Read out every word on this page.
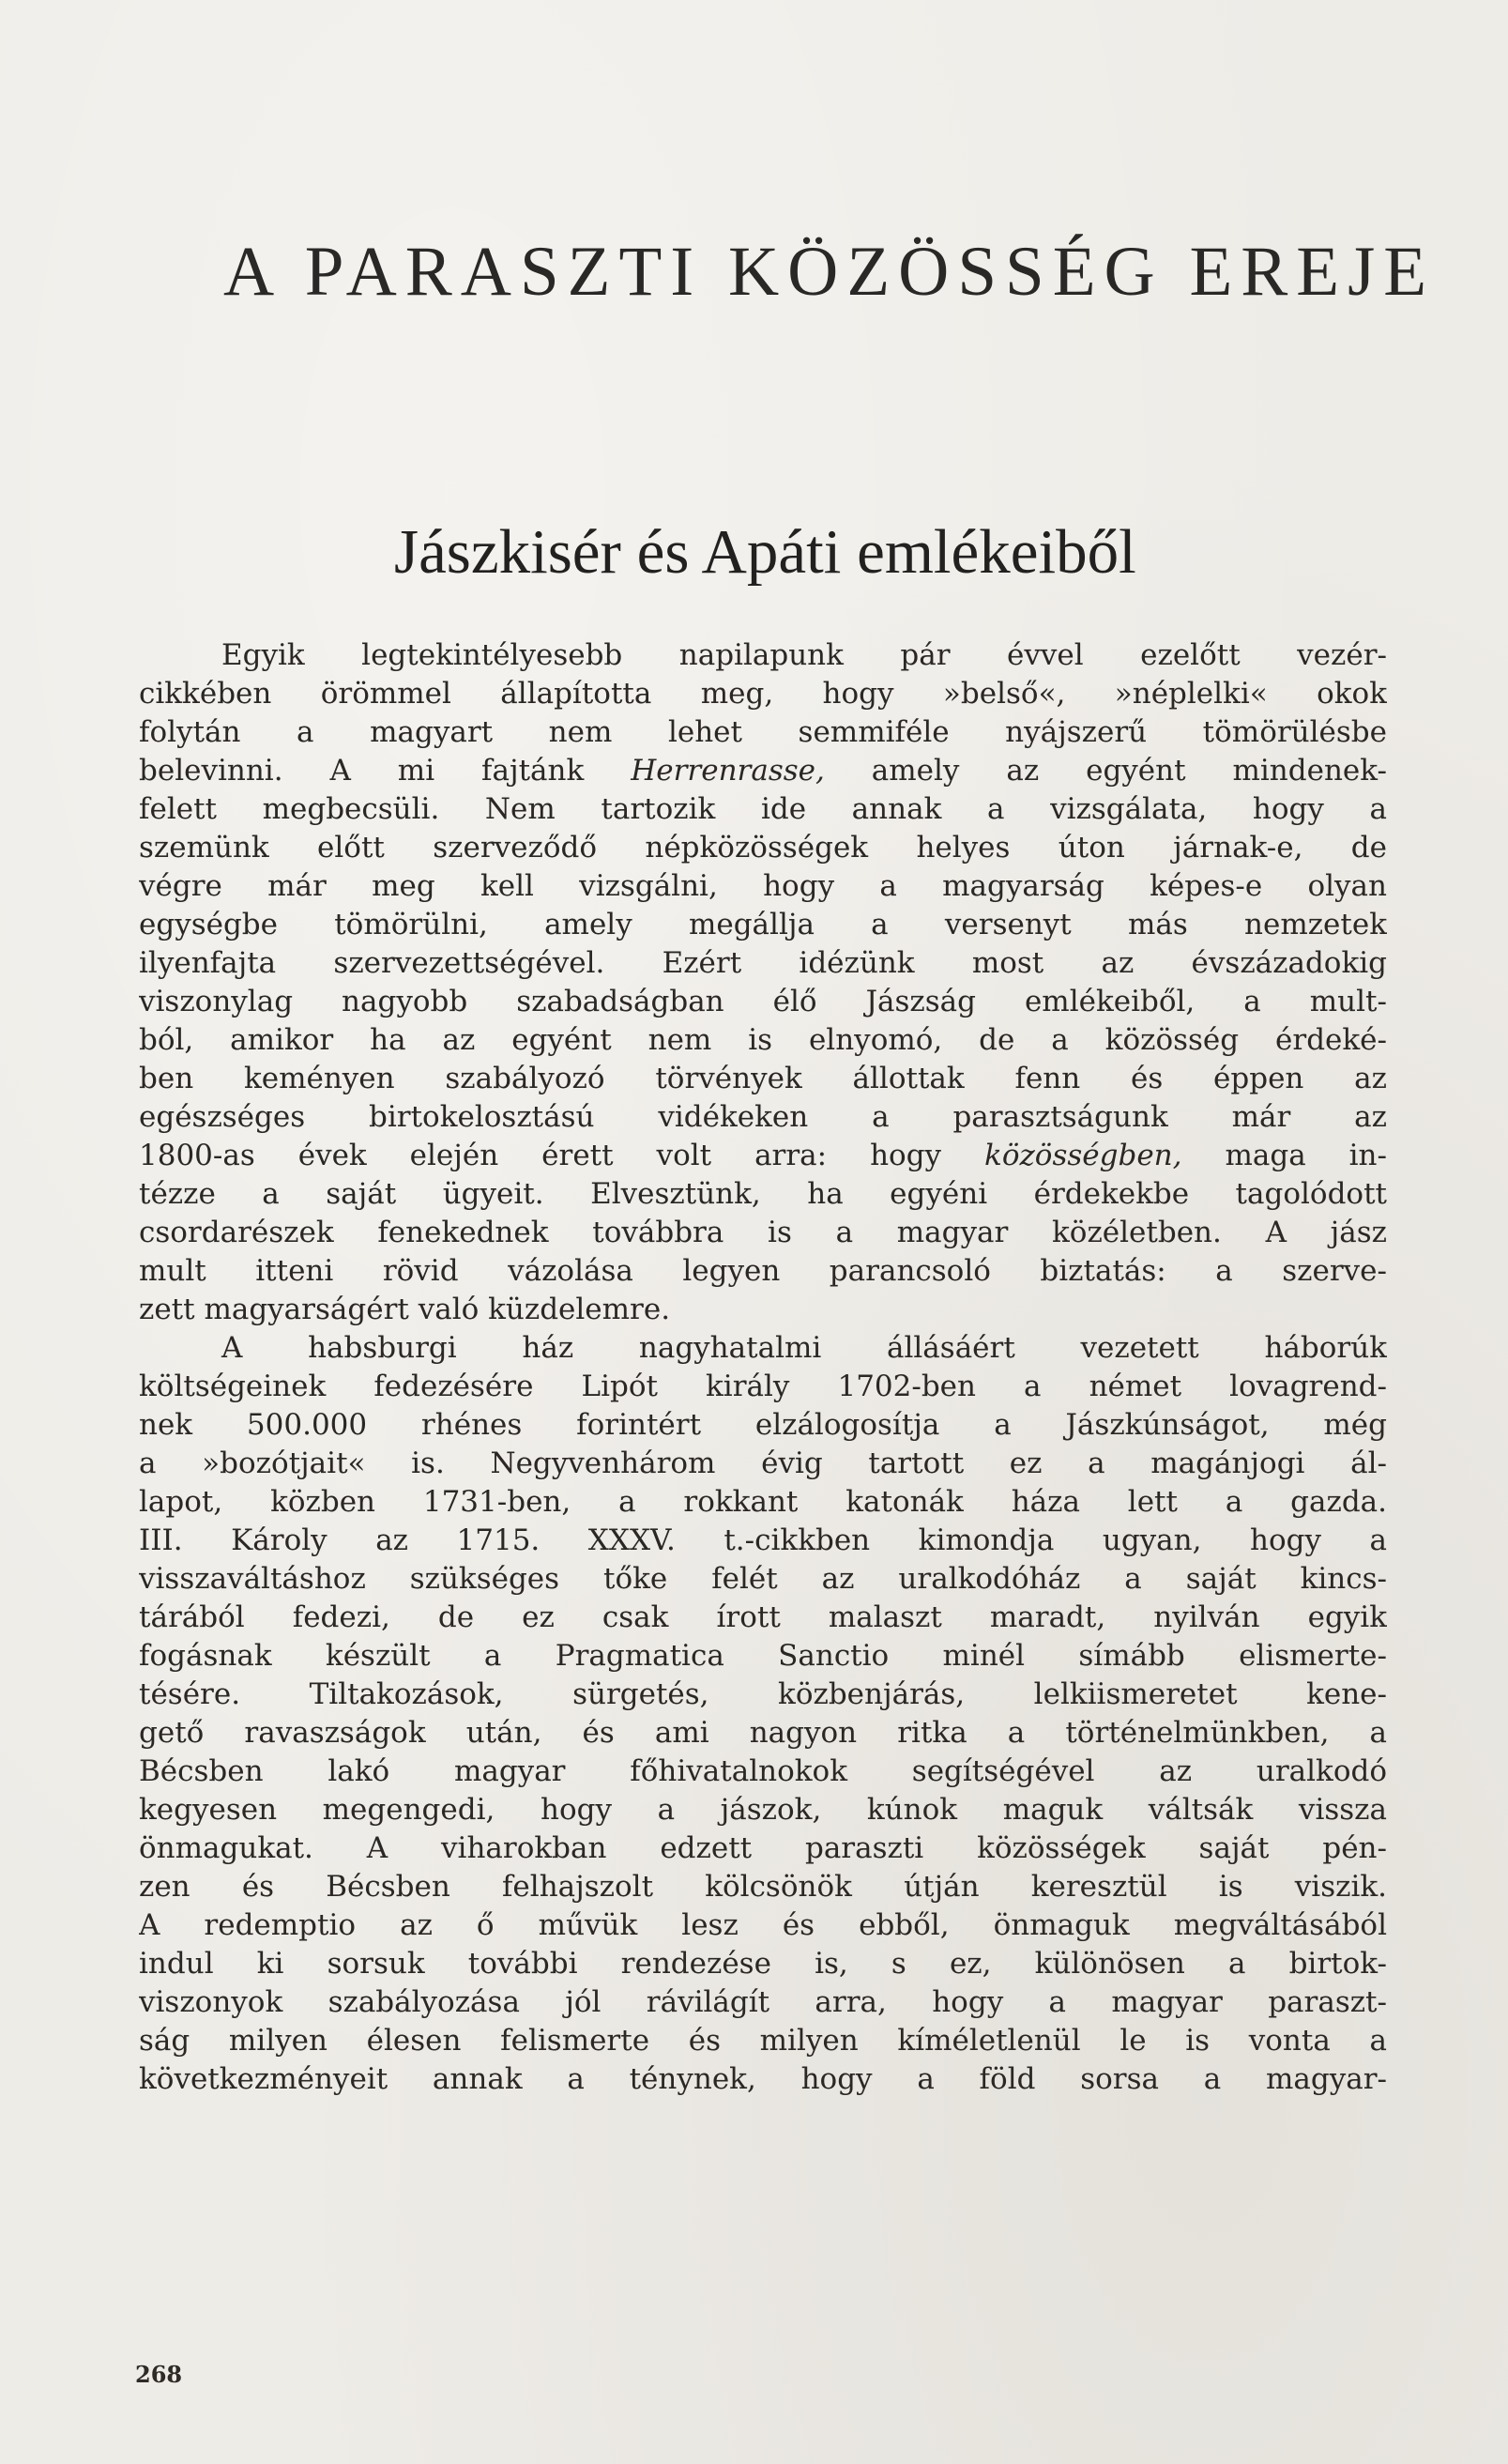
A PARASZTI KÖZÖSSÉG EREJE
Jászkisér és Apáti emlékeiből
Egyik legtekintélyesebb napilapunk pár évvel ezelőtt vezér-
cikkében örömmel állapította meg, hogy »belső«, »néplelki« okok
folytán a magyart nem lehet semmiféle nyájszerű tömörülésbe
belevinni. A mi fajtánk Herrenrasse, amely az egyént mindenek-
felett megbecsüli. Nem tartozik ide annak a vizsgálata, hogy a
szemünk előtt szerveződő népközösségek helyes úton járnak-e, de
végre már meg kell vizsgálni, hogy a magyarság képes-e olyan
egységbe tömörülni, amely megállja a versenyt más nemzetek
ilyenfajta szervezettségével. Ezért idézünk most az évszázadokig
viszonylag nagyobb szabadságban élő Jászság emlékeiből, a mult-
ból, amikor ha az egyént nem is elnyomó, de a közösség érdeké-
ben keményen szabályozó törvények állottak fenn és éppen az
egészséges birtokelosztású vidékeken a parasztságunk már az
1800-as évek elején érett volt arra: hogy közösségben, maga in-
tézze a saját ügyeit. Elvesztünk, ha egyéni érdekekbe tagolódott
csordarészek fenekednek továbbra is a magyar közéletben. A jász
mult itteni rövid vázolása legyen parancsoló biztatás: a szerve-
zett magyarságért való küzdelemre.
A habsburgi ház nagyhatalmi állásáért vezetett háborúk
költségeinek fedezésére Lipót király 1702-ben a német lovagrend-
nek 500.000 rhénes forintért elzálogosítja a Jászkúnságot, még
a »bozótjait« is. Negyvenhárom évig tartott ez a magánjogi ál-
lapot, közben 1731-ben, a rokkant katonák háza lett a gazda.
III. Károly az 1715. XXXV. t.-cikkben kimondja ugyan, hogy a
visszaváltáshoz szükséges tőke felét az uralkodóház a saját kincs-
tárából fedezi, de ez csak írott malaszt maradt, nyilván egyik
fogásnak készült a Pragmatica Sanctio minél símább elismerte-
tésére. Tiltakozások, sürgetés, közbenjárás, lelkiismeretet kene-
gető ravaszságok után, és ami nagyon ritka a történelmünkben, a
Bécsben lakó magyar főhivatalnokok segítségével az uralkodó
kegyesen megengedi, hogy a jászok, kúnok maguk váltsák vissza
önmagukat. A viharokban edzett paraszti közösségek saját pén-
zen és Bécsben felhajszolt kölcsönök útján keresztül is viszik.
A redemptio az ő művük lesz és ebből, önmaguk megváltásából
indul ki sorsuk további rendezése is, s ez, különösen a birtok-
viszonyok szabályozása jól rávilágít arra, hogy a magyar paraszt-
ság milyen élesen felismerte és milyen kíméletlenül le is vonta a
következményeit annak a ténynek, hogy a föld sorsa a magyar-

268
